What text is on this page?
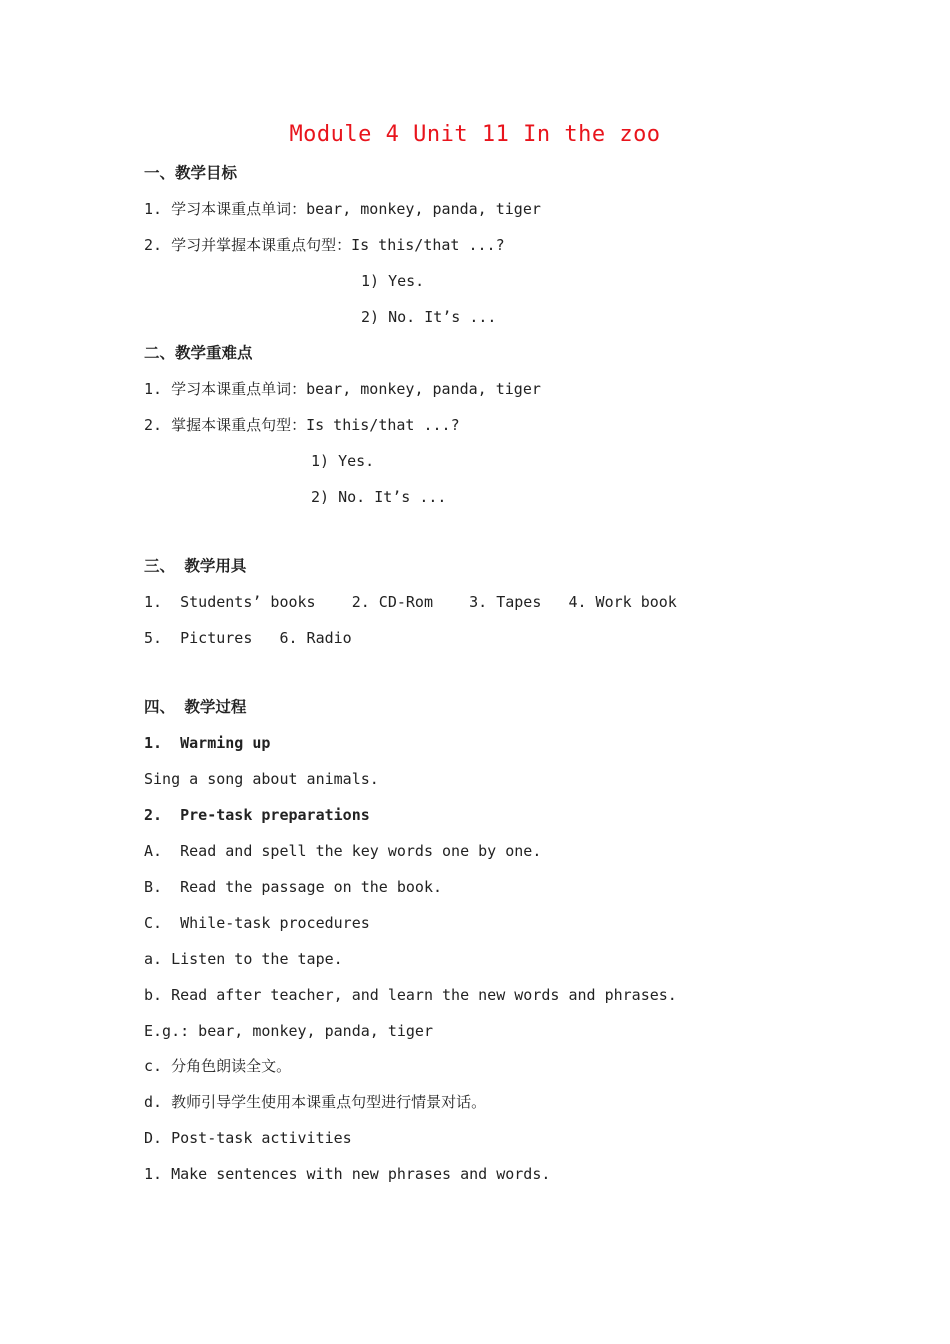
Module 4 Unit 11 In the zoo
一、教学目标
1. 学习本课重点单词：bear, monkey, panda, tiger
2. 学习并掌握本课重点句型：Is this/that ...?
1) Yes.
2) No. It’s ...
二、教学重难点
1. 学习本课重点单词：bear, monkey, panda, tiger
2. 掌握本课重点句型：Is this/that ...?
1) Yes.
2) No. It’s ...
三、 教学用具
1.  Students’ books    2. CD-Rom    3. Tapes   4. Work book
5.  Pictures   6. Radio
四、 教学过程
1.  Warming up
Sing a song about animals.
2.  Pre-task preparations
A.  Read and spell the key words one by one.
B.  Read the passage on the book.
C.  While-task procedures
a. Listen to the tape.
b. Read after teacher, and learn the new words and phrases.
E.g.: bear, monkey, panda, tiger
c. 分角色朗读全文。
d. 教师引导学生使用本课重点句型进行情景对话。
D. Post-task activities
1. Make sentences with new phrases and words.
